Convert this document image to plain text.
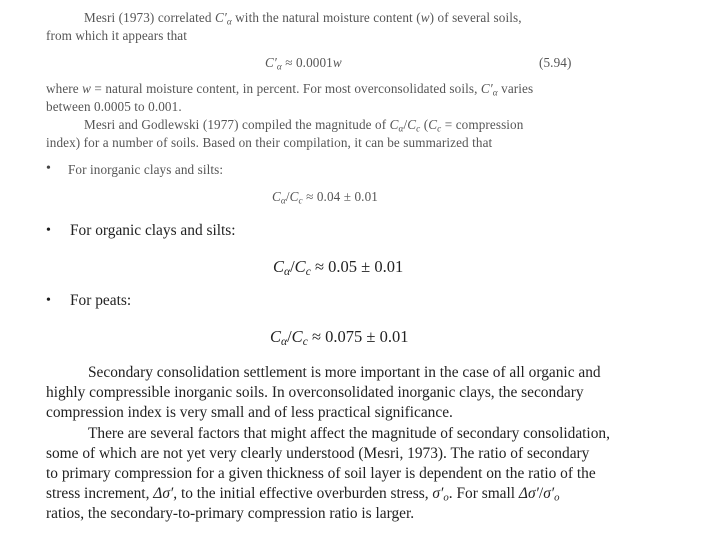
Mesri (1973) correlated $C'_\alpha$ with the natural moisture content (w) of several soils,
from which it appears that
$C'_\alpha \approx 0.0001w$	(5.94)
where w = natural moisture content, in percent. For most overconsolidated soils, $C'_\alpha$ varies
between 0.0005 to 0.001.
Mesri and Godlewski (1977) compiled the magnitude of $C_\alpha/C_c$ ($C_c$ = compression
index) for a number of soils. Based on their compilation, it can be summarized that
• For inorganic clays and silts:
$C_\alpha/C_c \approx 0.04 \pm 0.01$
• For organic clays and silts:
$C_\alpha/C_c \approx 0.05 \pm 0.01$
• For peats:
$C_\alpha/C_c \approx 0.075 \pm 0.01$
Secondary consolidation settlement is more important in the case of all organic and
highly compressible inorganic soils. In overconsolidated inorganic clays, the secondary
compression index is very small and of less practical significance.
There are several factors that might affect the magnitude of secondary consolidation,
some of which are not yet very clearly understood (Mesri, 1973). The ratio of secondary
to primary compression for a given thickness of soil layer is dependent on the ratio of the
stress increment, Δσ′, to the initial effective overburden stress, $\sigma'_o$. For small $\Delta\sigma'/\sigma'_o$
ratios, the secondary-to-primary compression ratio is larger.
